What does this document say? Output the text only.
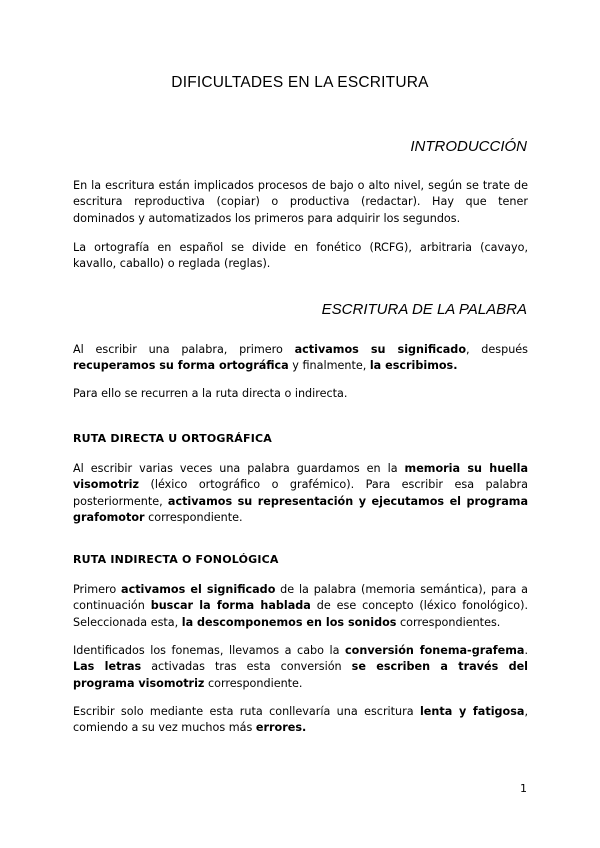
DIFICULTADES EN LA ESCRITURA
INTRODUCCIÓN

En la escritura están implicados procesos de bajo o alto nivel, según se trate de escritura reproductiva (copiar) o productiva (redactar). Hay que tener dominados y automatizados los primeros para adquirir los segundos.

La ortografía en español se divide en fonético (RCFG), arbitraria (cavayo, kavallo, caballo) o reglada (reglas).

ESCRITURA DE LA PALABRA

Al escribir una palabra, primero activamos su significado, después recuperamos su forma ortográfica y finalmente, la escribimos.

Para ello se recurren a la ruta directa o indirecta.

RUTA DIRECTA U ORTOGRÁFICA

Al escribir varias veces una palabra guardamos en la memoria su huella visomotriz (léxico ortográfico o grafémico). Para escribir esa palabra posteriormente, activamos su representación y ejecutamos el programa grafomotor correspondiente.

RUTA INDIRECTA O FONOLÓGICA

Primero activamos el significado de la palabra (memoria semántica), para a continuación buscar la forma hablada de ese concepto (léxico fonológico). Seleccionada esta, la descomponemos en los sonidos correspondientes.

Identificados los fonemas, llevamos a cabo la conversión fonema-grafema. Las letras activadas tras esta conversión se escriben a través del programa visomotriz correspondiente.

Escribir solo mediante esta ruta conllevaría una escritura lenta y fatigosa, comiendo a su vez muchos más errores.

1
